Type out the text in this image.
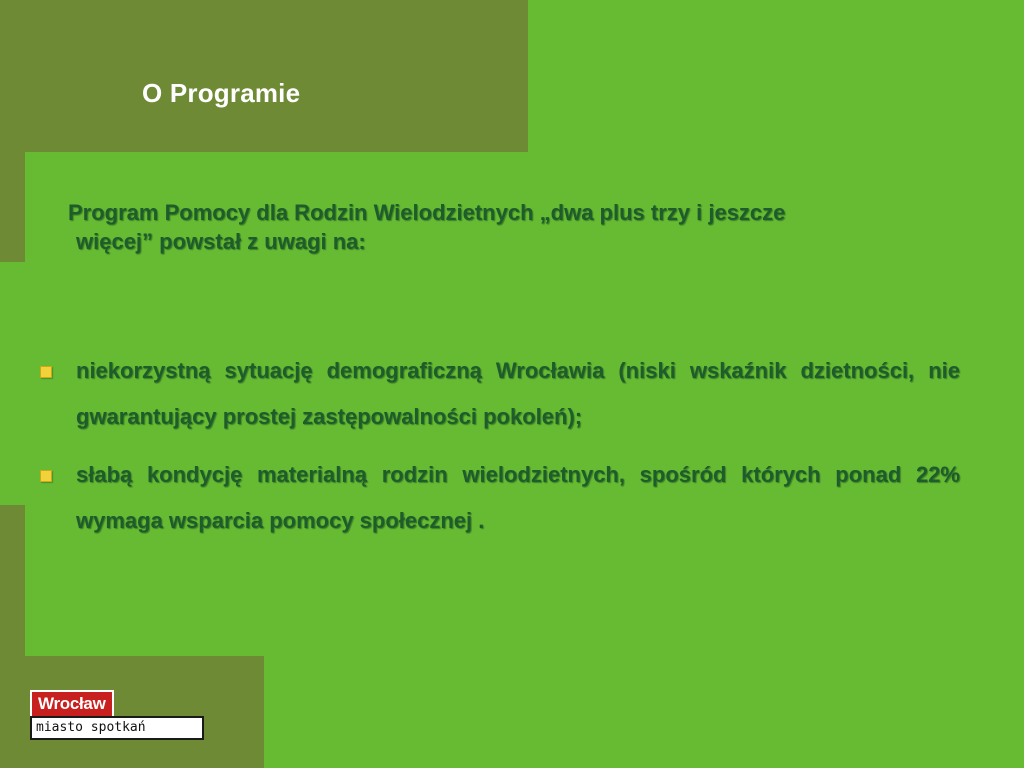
O Programie
Program Pomocy dla Rodzin Wielodzietnych „dwa plus trzy i jeszcze
więcej” powstał z uwagi na:
niekorzystną sytuację demograficzną Wrocławia (niski wskaźnik dzietności, nie gwarantujący prostej zastępowalności pokoleń);
słabą kondycję materialną rodzin wielodzietnych, spośród których ponad 22% wymaga wsparcia pomocy społecznej .
Wrocław
miasto spotkań
